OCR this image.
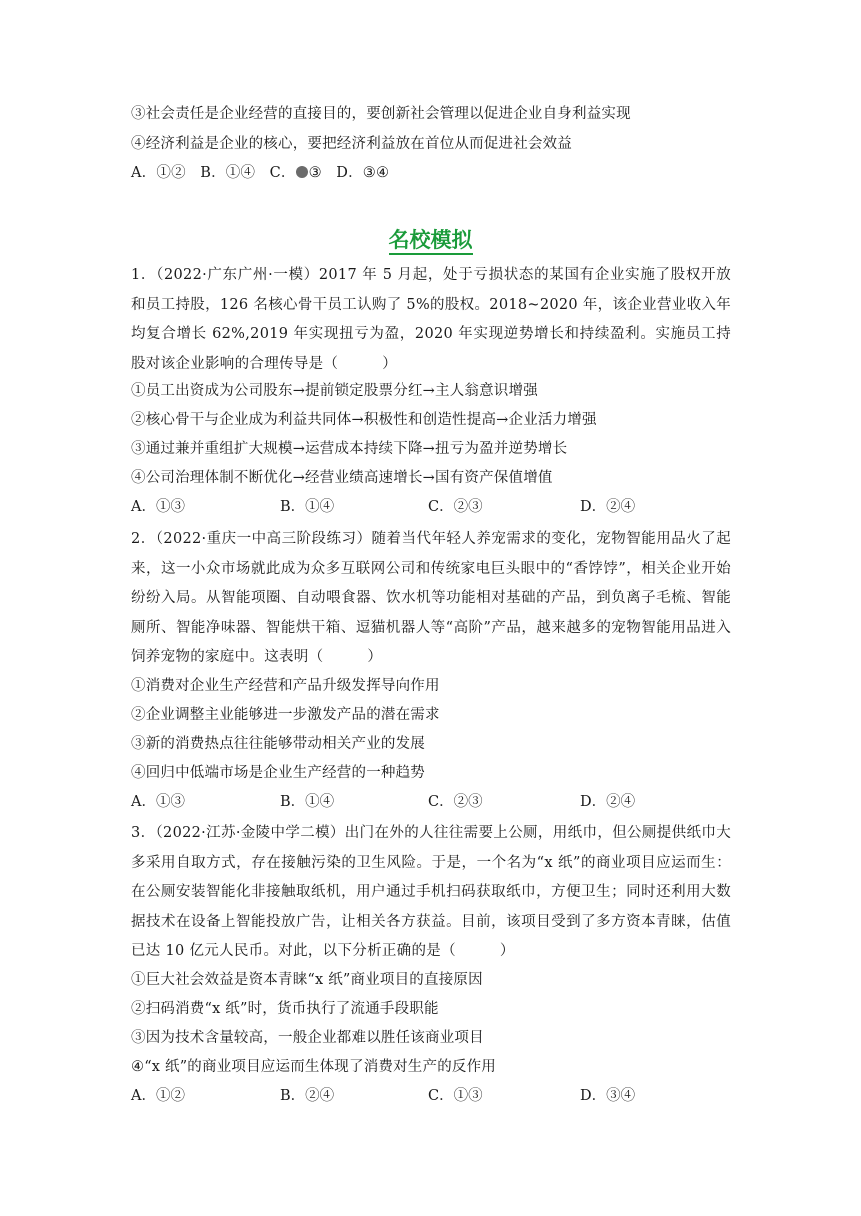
③社会责任是企业经营的直接目的，要创新社会管理以促进企业自身利益实现
④经济利益是企业的核心，要把经济利益放在首位从而促进社会效益
A．①② B．①④ C． ③ D．③④
名校模拟
1．（2022·广东广州·一模）2017 年 5 月起，处于亏损状态的某国有企业实施了股权开放和员工持股，126 名核心骨干员工认购了 5%的股权。2018~2020 年，该企业营业收入年均复合增长 62%,2019 年实现扭亏为盈，2020 年实现逆势增长和持续盈利。实施员工持股对该企业影响的合理传导是（	）
①员工出资成为公司股东→提前锁定股票分红→主人翁意识增强
②核心骨干与企业成为利益共同体→积极性和创造性提高→企业活力增强
③通过兼并重组扩大规模→运营成本持续下降→扭亏为盈并逆势增长
④公司治理体制不断优化→经营业绩高速增长→国有资产保值增值
A．①③	B．①④	C．②③	D．②④
2．（2022·重庆一中高三阶段练习）随着当代年轻人养宠需求的变化，宠物智能用品火了起来，这一小众市场就此成为众多互联网公司和传统家电巨头眼中的“香饽饽”，相关企业开始纷纷入局。从智能项圈、自动喂食器、饮水机等功能相对基础的产品，到负离子毛梳、智能厕所、智能净味器、智能烘干箱、逗猫机器人等“高阶”产品，越来越多的宠物智能用品进入饲养宠物的家庭中。这表明（	）
①消费对企业生产经营和产品升级发挥导向作用
②企业调整主业能够进一步激发产品的潜在需求
③新的消费热点往往能够带动相关产业的发展
④回归中低端市场是企业生产经营的一种趋势
A．①③	B．①④	C．②③	D．②④
3．（2022·江苏·金陵中学二模）出门在外的人往往需要上公厕，用纸巾，但公厕提供纸巾大多采用自取方式，存在接触污染的卫生风险。于是，一个名为“x 纸”的商业项目应运而生：在公厕安装智能化非接触取纸机，用户通过手机扫码获取纸巾，方便卫生；同时还利用大数据技术在设备上智能投放广告，让相关各方获益。目前，该项目受到了多方资本青睐，估值已达 10 亿元人民币。对此，以下分析正确的是（	）
①巨大社会效益是资本青睐“x 纸”商业项目的直接原因
②扫码消费“x 纸”时，货币执行了流通手段职能
③因为技术含量较高，一般企业都难以胜任该商业项目
④“x 纸”的商业项目应运而生体现了消费对生产的反作用
A．①②	B．②④	C．①③	D．③④
